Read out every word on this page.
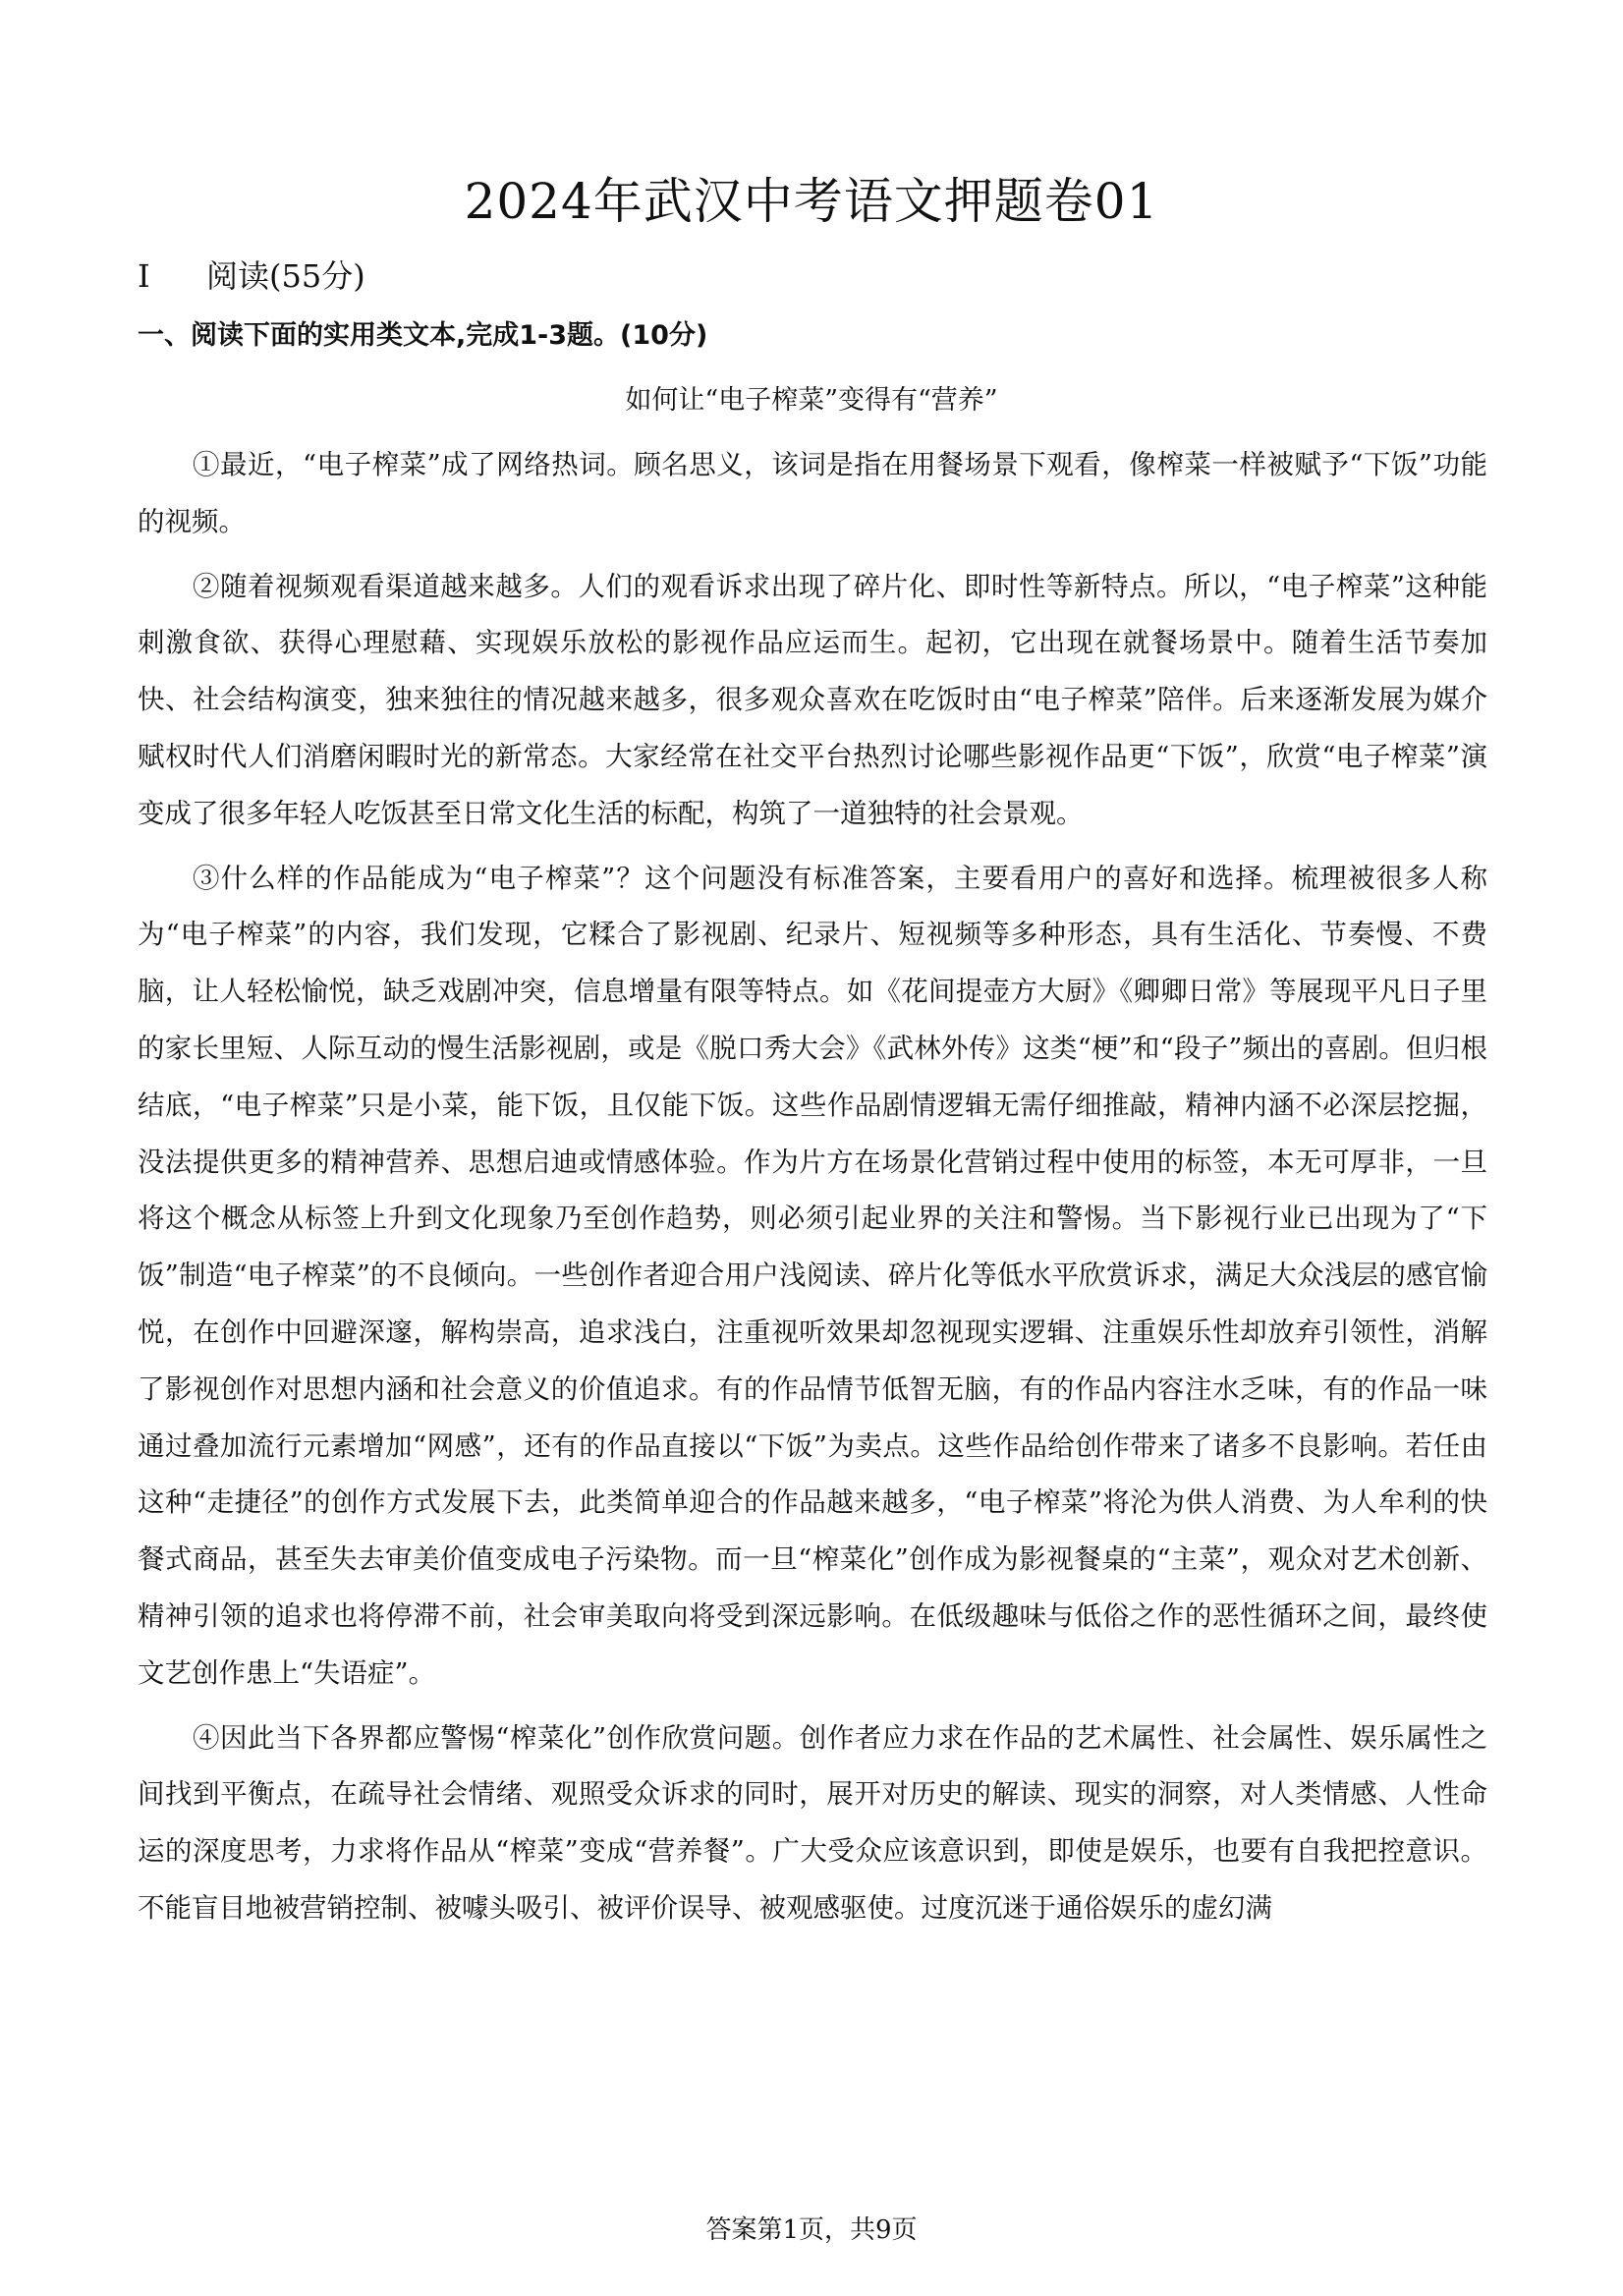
2024年武汉中考语文押题卷01
Ⅰ 阅读(55分)
一、阅读下面的实用类文本,完成1-3题。(10分)
如何让“电子榨菜”变得有“营养”

①最近，“电子榨菜”成了网络热词。顾名思义，该词是指在用餐场景下观看，像榨菜一样被赋予“下饭”功能的视频。

②随着视频观看渠道越来越多。人们的观看诉求出现了碎片化、即时性等新特点。所以，“电子榨菜”这种能刺激食欲、获得心理慰藉、实现娱乐放松的影视作品应运而生。起初，它出现在就餐场景中。随着生活节奏加快、社会结构演变，独来独往的情况越来越多，很多观众喜欢在吃饭时由“电子榨菜”陪伴。后来逐渐发展为媒介赋权时代人们消磨闲暇时光的新常态。大家经常在社交平台热烈讨论哪些影视作品更“下饭”，欣赏“电子榨菜”演变成了很多年轻人吃饭甚至日常文化生活的标配，构筑了一道独特的社会景观。

③什么样的作品能成为“电子榨菜”？这个问题没有标准答案，主要看用户的喜好和选择。梳理被很多人称为“电子榨菜”的内容，我们发现，它糅合了影视剧、纪录片、短视频等多种形态，具有生活化、节奏慢、不费脑，让人轻松愉悦，缺乏戏剧冲突，信息增量有限等特点。如《花间提壶方大厨》《卿卿日常》等展现平凡日子里的家长里短、人际互动的慢生活影视剧，或是《脱口秀大会》《武林外传》这类“梗”和“段子”频出的喜剧。但归根结底，“电子榨菜”只是小菜，能下饭，且仅能下饭。这些作品剧情逻辑无需仔细推敲，精神内涵不必深层挖掘，没法提供更多的精神营养、思想启迪或情感体验。作为片方在场景化营销过程中使用的标签，本无可厚非，一旦将这个概念从标签上升到文化现象乃至创作趋势，则必须引起业界的关注和警惕。当下影视行业已出现为了“下饭”制造“电子榨菜”的不良倾向。一些创作者迎合用户浅阅读、碎片化等低水平欣赏诉求，满足大众浅层的感官愉悦，在创作中回避深邃，解构崇高，追求浅白，注重视听效果却忽视现实逻辑、注重娱乐性却放弃引领性，消解了影视创作对思想内涵和社会意义的价值追求。有的作品情节低智无脑，有的作品内容注水乏味，有的作品一味通过叠加流行元素增加“网感”，还有的作品直接以“下饭”为卖点。这些作品给创作带来了诸多不良影响。若任由这种“走捷径”的创作方式发展下去，此类简单迎合的作品越来越多，“电子榨菜”将沦为供人消费、为人牟利的快餐式商品，甚至失去审美价值变成电子污染物。而一旦“榨菜化”创作成为影视餐桌的“主菜”，观众对艺术创新、精神引领的追求也将停滞不前，社会审美取向将受到深远影响。在低级趣味与低俗之作的恶性循环之间，最终使文艺创作患上“失语症”。

④因此当下各界都应警惕“榨菜化”创作欣赏问题。创作者应力求在作品的艺术属性、社会属性、娱乐属性之间找到平衡点，在疏导社会情绪、观照受众诉求的同时，展开对历史的解读、现实的洞察，对人类情感、人性命运的深度思考，力求将作品从“榨菜”变成“营养餐”。广大受众应该意识到，即使是娱乐，也要有自我把控意识。不能盲目地被营销控制、被噱头吸引、被评价误导、被观感驱使。过度沉迷于通俗娱乐的虚幻满

答案第1页，共9页
